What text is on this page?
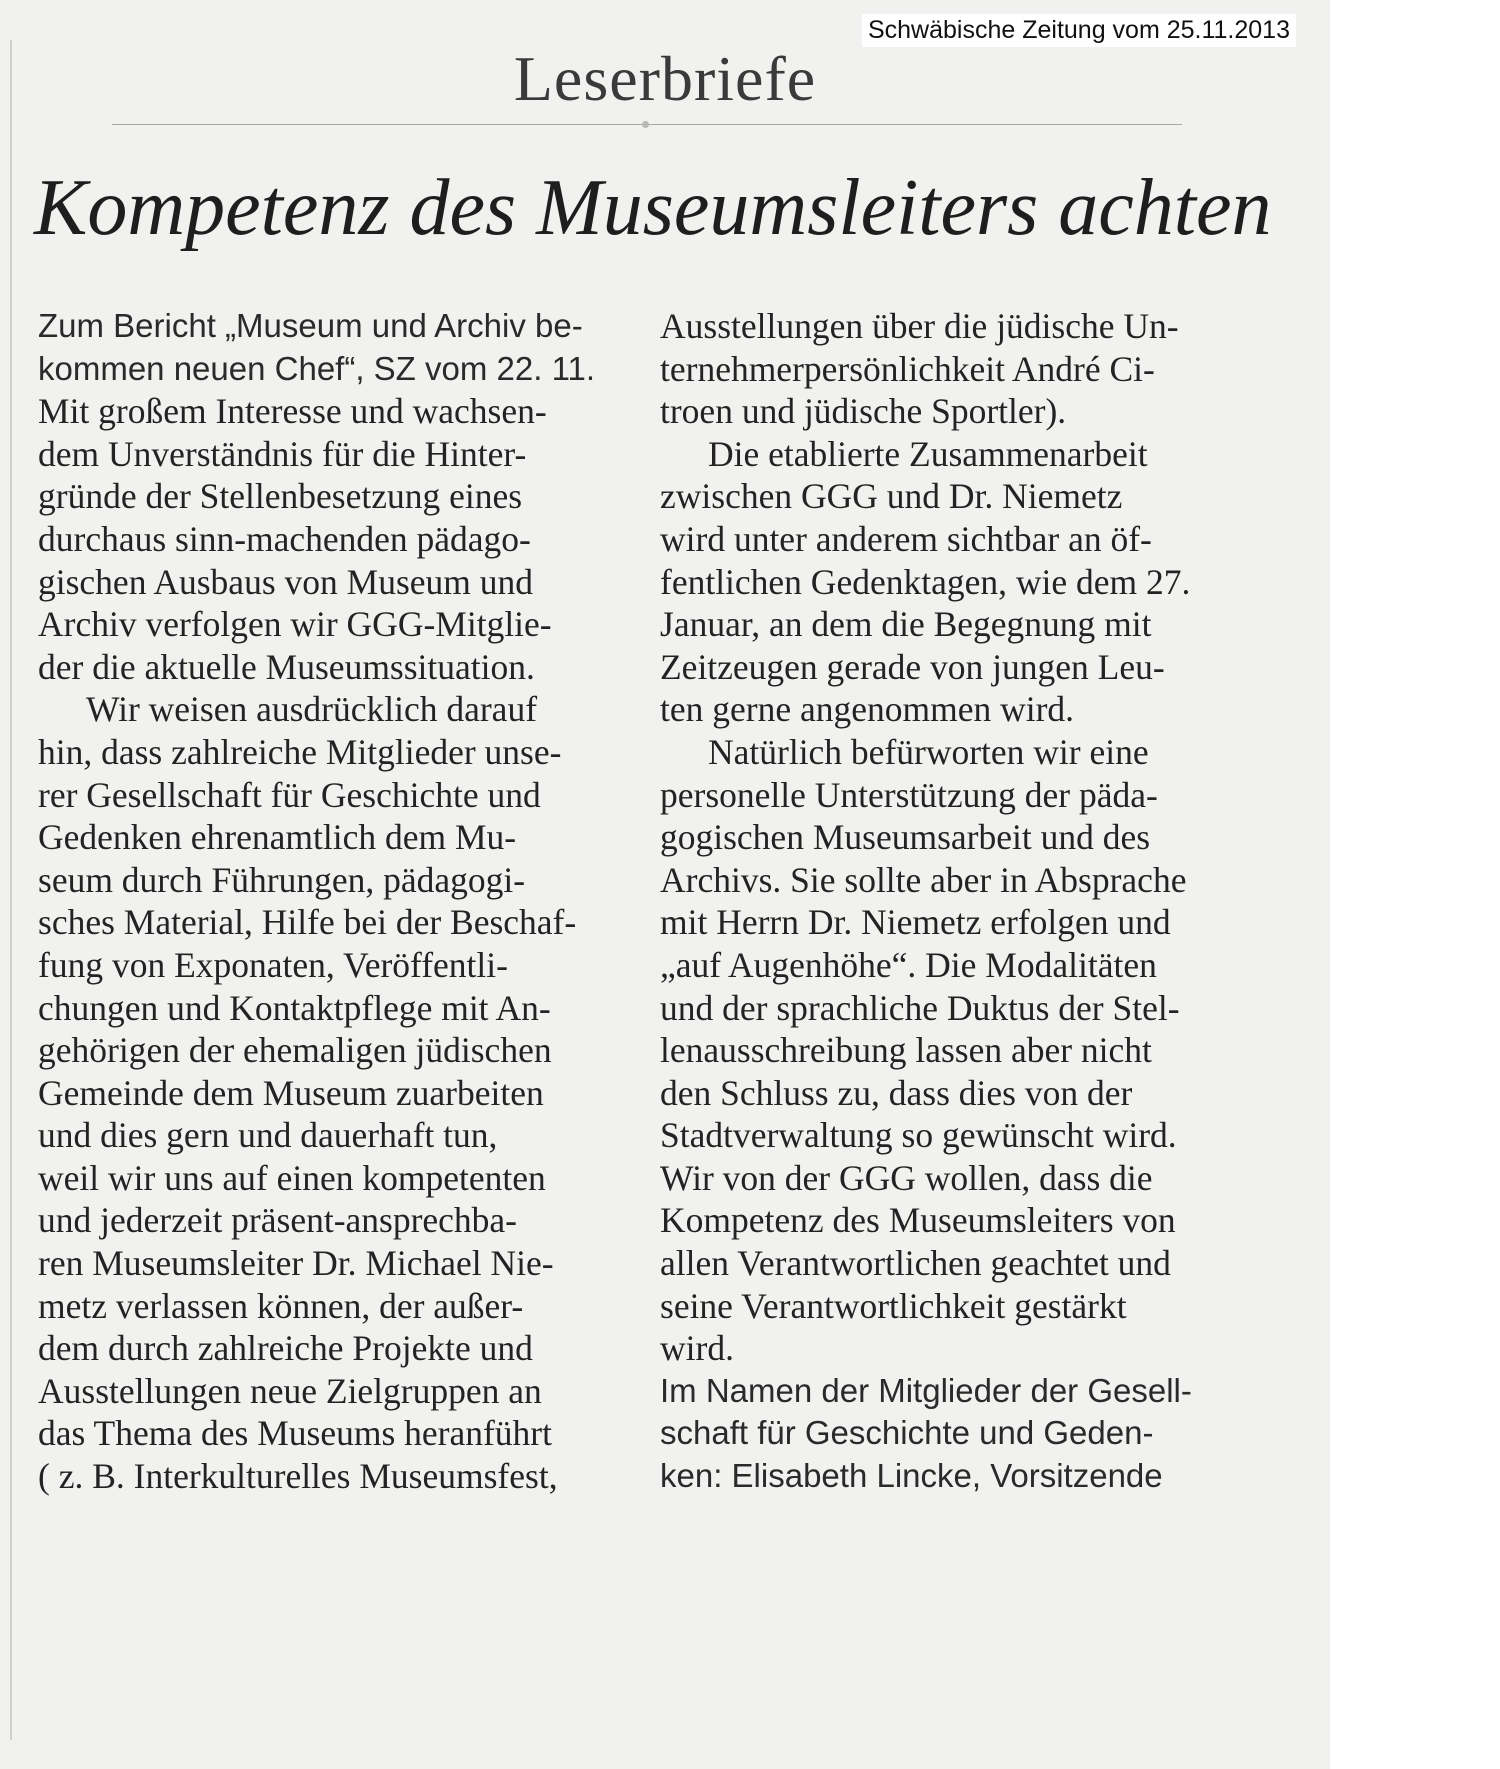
Leserbriefe
Kompetenz des Museumsleiters achten
Zum Bericht „Museum und Archiv be-
kommen neuen Chef“, SZ vom 22. 11.

Mit großem Interesse und wachsen-
dem Unverständnis für die Hinter-
gründe der Stellenbesetzung eines
durchaus sinn-machenden pädago-
gischen Ausbaus von Museum und
Archiv verfolgen wir GGG-Mitglie-
der die aktuelle Museumssituation.

Wir weisen ausdrücklich darauf
hin, dass zahlreiche Mitglieder unse-
rer Gesellschaft für Geschichte und
Gedenken ehrenamtlich dem Mu-
seum durch Führungen, pädagogi-
sches Material, Hilfe bei der Beschaf-
fung von Exponaten, Veröffentli-
chungen und Kontaktpflege mit An-
gehörigen der ehemaligen jüdischen
Gemeinde dem Museum zuarbeiten
und dies gern und dauerhaft tun,
weil wir uns auf einen kompetenten
und jederzeit präsent-ansprechba-
ren Museumsleiter Dr. Michael Nie-
metz verlassen können, der außer-
dem durch zahlreiche Projekte und
Ausstellungen neue Zielgruppen an
das Thema des Museums heranführt
( z. B. Interkulturelles Museumsfest,

Ausstellungen über die jüdische Un-
ternehmerpersönlichkeit André Ci-
troen und jüdische Sportler).

Die etablierte Zusammenarbeit
zwischen GGG und Dr. Niemetz
wird unter anderem sichtbar an öf-
fentlichen Gedenktagen, wie dem 27.
Januar, an dem die Begegnung mit
Zeitzeugen gerade von jungen Leu-
ten gerne angenommen wird.

Natürlich befürworten wir eine
personelle Unterstützung der päda-
gogischen Museumsarbeit und des
Archivs. Sie sollte aber in Absprache
mit Herrn Dr. Niemetz erfolgen und
„auf Augenhöhe“. Die Modalitäten
und der sprachliche Duktus der Stel-
lenausschreibung lassen aber nicht
den Schluss zu, dass dies von der
Stadtverwaltung so gewünscht wird.
Wir von der GGG wollen, dass die
Kompetenz des Museumsleiters von
allen Verantwortlichen geachtet und
seine Verantwortlichkeit gestärkt
wird.

Im Namen der Mitglieder der Gesell-
schaft für Geschichte und Geden-
ken: Elisabeth Lincke, Vorsitzende
Schwäbische Zeitung vom 25.11.2013
